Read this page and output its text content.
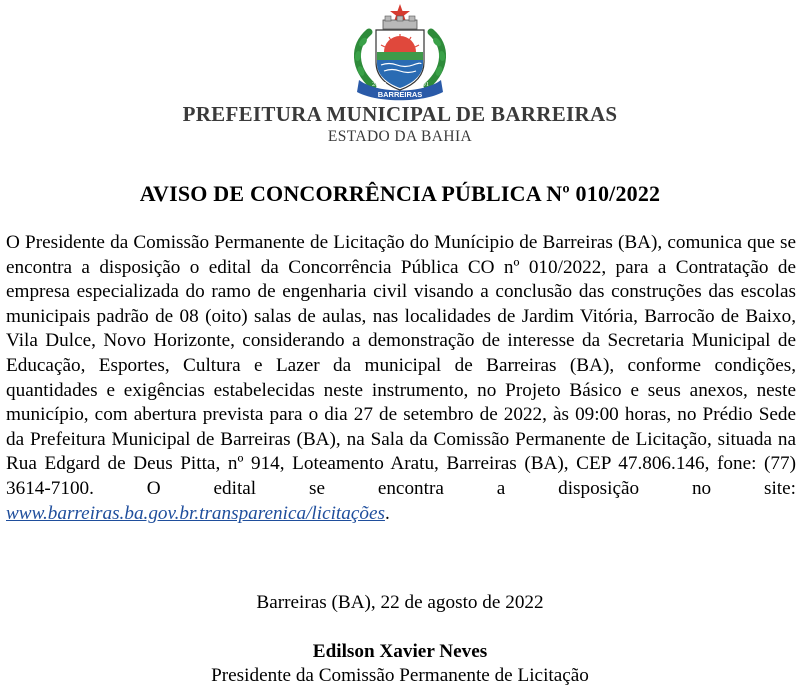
26.05	1891
BARREIRAS
PREFEITURA MUNICIPAL DE BARREIRAS
ESTADO DA BAHIA
AVISO DE CONCORRÊNCIA PÚBLICA Nº 010/2022

O Presidente da Comissão Permanente de Licitação do Munícipio de Barreiras (BA), comunica que se encontra a disposição o edital da Concorrência Pública CO nº 010/2022, para a Contratação de empresa especializada do ramo de engenharia civil visando a conclusão das construções das escolas municipais padrão de 08 (oito) salas de aulas, nas localidades de Jardim Vitória, Barrocão de Baixo, Vila Dulce, Novo Horizonte, considerando a demonstração de interesse da Secretaria Municipal de Educação, Esportes, Cultura e Lazer da municipal de Barreiras (BA), conforme condições, quantidades e exigências estabelecidas neste instrumento, no Projeto Básico e seus anexos, neste município, com abertura prevista para o dia 27 de setembro de 2022, às 09:00 horas, no Prédio Sede da Prefeitura Municipal de Barreiras (BA), na Sala da Comissão Permanente de Licitação, situada na Rua Edgard de Deus Pitta, nº 914, Loteamento Aratu, Barreiras (BA), CEP 47.806.146, fone: (77) 3614-7100. O edital se encontra a disposição no site: www.barreiras.ba.gov.br.transparenica/licitações.

Barreiras (BA), 22 de agosto de 2022
Edilson Xavier Neves
Presidente da Comissão Permanente de Licitação
